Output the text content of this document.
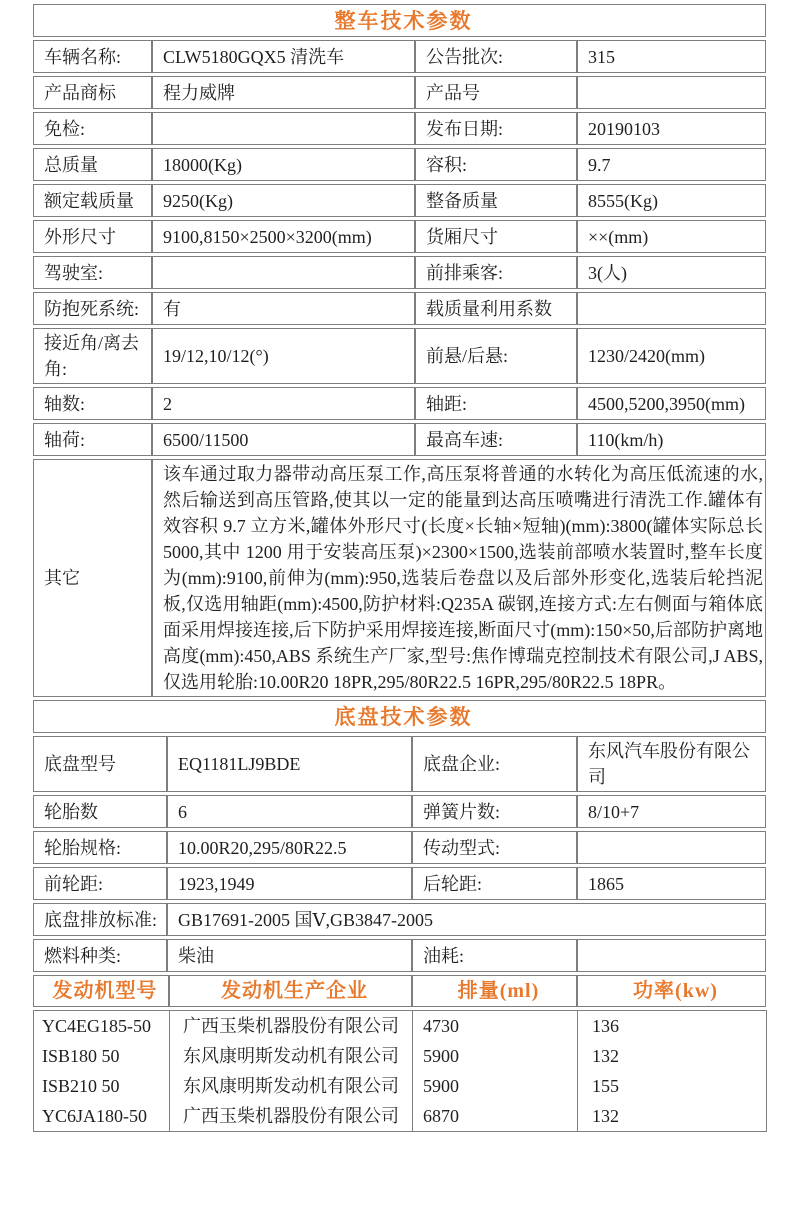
整车技术参数			
车辆名称:	CLW5180GQX5 清洗车	公告批次:	315
产品商标	程力威牌	产品号	
免检:		发布日期:	20190103
总质量	18000(Kg)	容积:	9.7
额定载质量	9250(Kg)	整备质量	8555(Kg)
外形尺寸	9100,8150×2500×3200(mm)	货厢尺寸	××(mm)
驾驶室:		前排乘客:	3(人)
防抱死系统:	有	载质量利用系数	
接近角/离去角:	19/12,10/12(°)	前悬/后悬:	1230/2420(mm)
轴数:	2	轴距:	4500,5200,3950(mm)
轴荷:	6500/11500	最高车速:	110(km/h)
其它	该车通过取力器带动高压泵工作,高压泵将普通的水转化为高压低流速的水,然后输送到高压管路,使其以一定的能量到达高压喷嘴进行清洗工作.罐体有效容积 9.7 立方米,罐体外形尺寸(长度×长轴×短轴)(mm):3800(罐体实际总长 5000,其中 1200 用于安装高压泵)×2300×1500,选装前部喷水装置时,整车长度为(mm):9100,前伸为(mm):950,选装后卷盘以及后部外形变化,选装后轮挡泥板,仅选用轴距(mm):4500,防护材料:Q235A 碳钢,连接方式:左右侧面与箱体底面采用焊接连接,后下防护采用焊接连接,断面尺寸(mm):150×50,后部防护离地高度(mm):450,ABS 系统生产厂家,型号:焦作博瑞克控制技术有限公司,J ABS,仅选用轮胎:10.00R20 18PR,295/80R22.5 16PR,295/80R22.5 18PR。		
底盘技术参数			
底盘型号	EQ1181LJ9BDE	底盘企业:	东风汽车股份有限公司
轮胎数	6	弹簧片数:	8/10+7
轮胎规格:	10.00R20,295/80R22.5	传动型式:	
前轮距:	1923,1949	后轮距:	1865
底盘排放标准:	GB17691-2005 国Ⅴ,GB3847-2005		
燃料种类:	柴油	油耗:	
发动机型号	发动机生产企业	排量(ml)	功率(kw)
YC4EG185-50	广西玉柴机器股份有限公司	4730	136
ISB180 50	东风康明斯发动机有限公司	5900	132
ISB210 50	东风康明斯发动机有限公司	5900	155
YC6JA180-50	广西玉柴机器股份有限公司	6870	132
